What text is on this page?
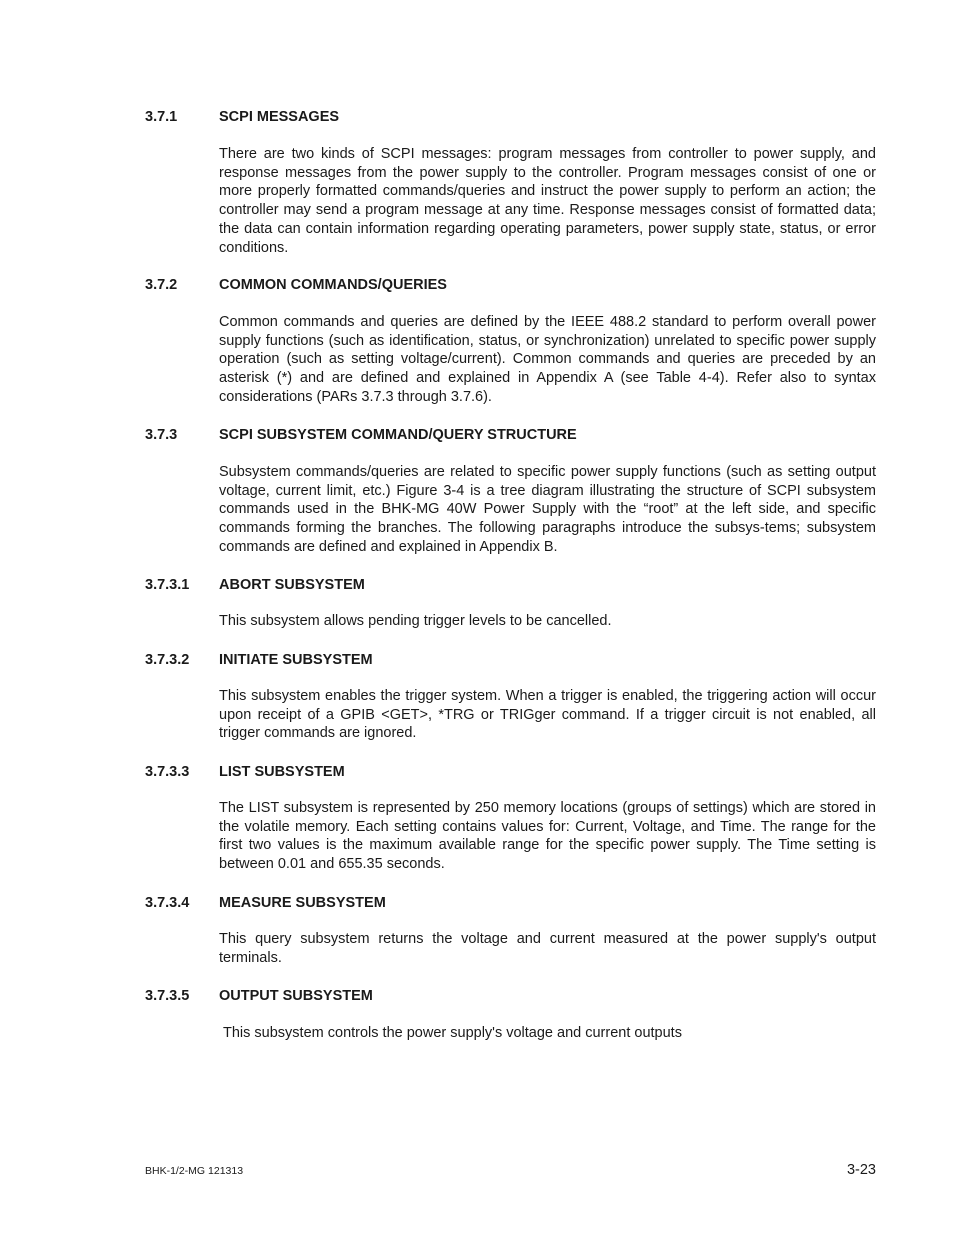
3.7.1	SCPI MESSAGES
There are two kinds of SCPI messages: program messages from controller to power supply, and response messages from the power supply to the controller. Program messages consist of one or more properly formatted commands/queries and instruct the power supply to perform an action; the controller may send a program message at any time. Response messages consist of formatted data; the data can contain information regarding operating parameters, power supply state, status, or error conditions.
3.7.2	COMMON COMMANDS/QUERIES
Common commands and queries are defined by the IEEE 488.2 standard to perform overall power supply functions (such as identification, status, or synchronization) unrelated to specific power supply operation (such as setting voltage/current). Common commands and queries are preceded by an asterisk (*) and are defined and explained in Appendix A (see Table 4-4). Refer also to syntax considerations (PARs 3.7.3 through 3.7.6).
3.7.3	SCPI SUBSYSTEM COMMAND/QUERY STRUCTURE
Subsystem commands/queries are related to specific power supply functions (such as setting output voltage, current limit, etc.) Figure 3-4 is a tree diagram illustrating the structure of SCPI subsystem commands used in the BHK-MG 40W Power Supply with the “root” at the left side, and specific commands forming the branches. The following paragraphs introduce the subsys-tems; subsystem commands are defined and explained in Appendix B.
3.7.3.1 ABORT SUBSYSTEM
This subsystem allows pending trigger levels to be cancelled.
3.7.3.2 INITIATE SUBSYSTEM
This subsystem enables the trigger system. When a trigger is enabled, the triggering action will occur upon receipt of a GPIB <GET>, *TRG or TRIGger command. If a trigger circuit is not enabled, all trigger commands are ignored.
3.7.3.3 LIST SUBSYSTEM
The LIST subsystem is represented by 250 memory locations (groups of settings) which are stored in the volatile memory. Each setting contains values for: Current, Voltage, and Time. The range for the first two values is the maximum available range for the specific power supply. The Time setting is between 0.01 and 655.35 seconds.
3.7.3.4 MEASURE SUBSYSTEM
This query subsystem returns the voltage and current measured at the power supply's output terminals.
3.7.3.5 OUTPUT SUBSYSTEM
This subsystem controls the power supply's voltage and current outputs
BHK-1/2-MG 121313	3-23
